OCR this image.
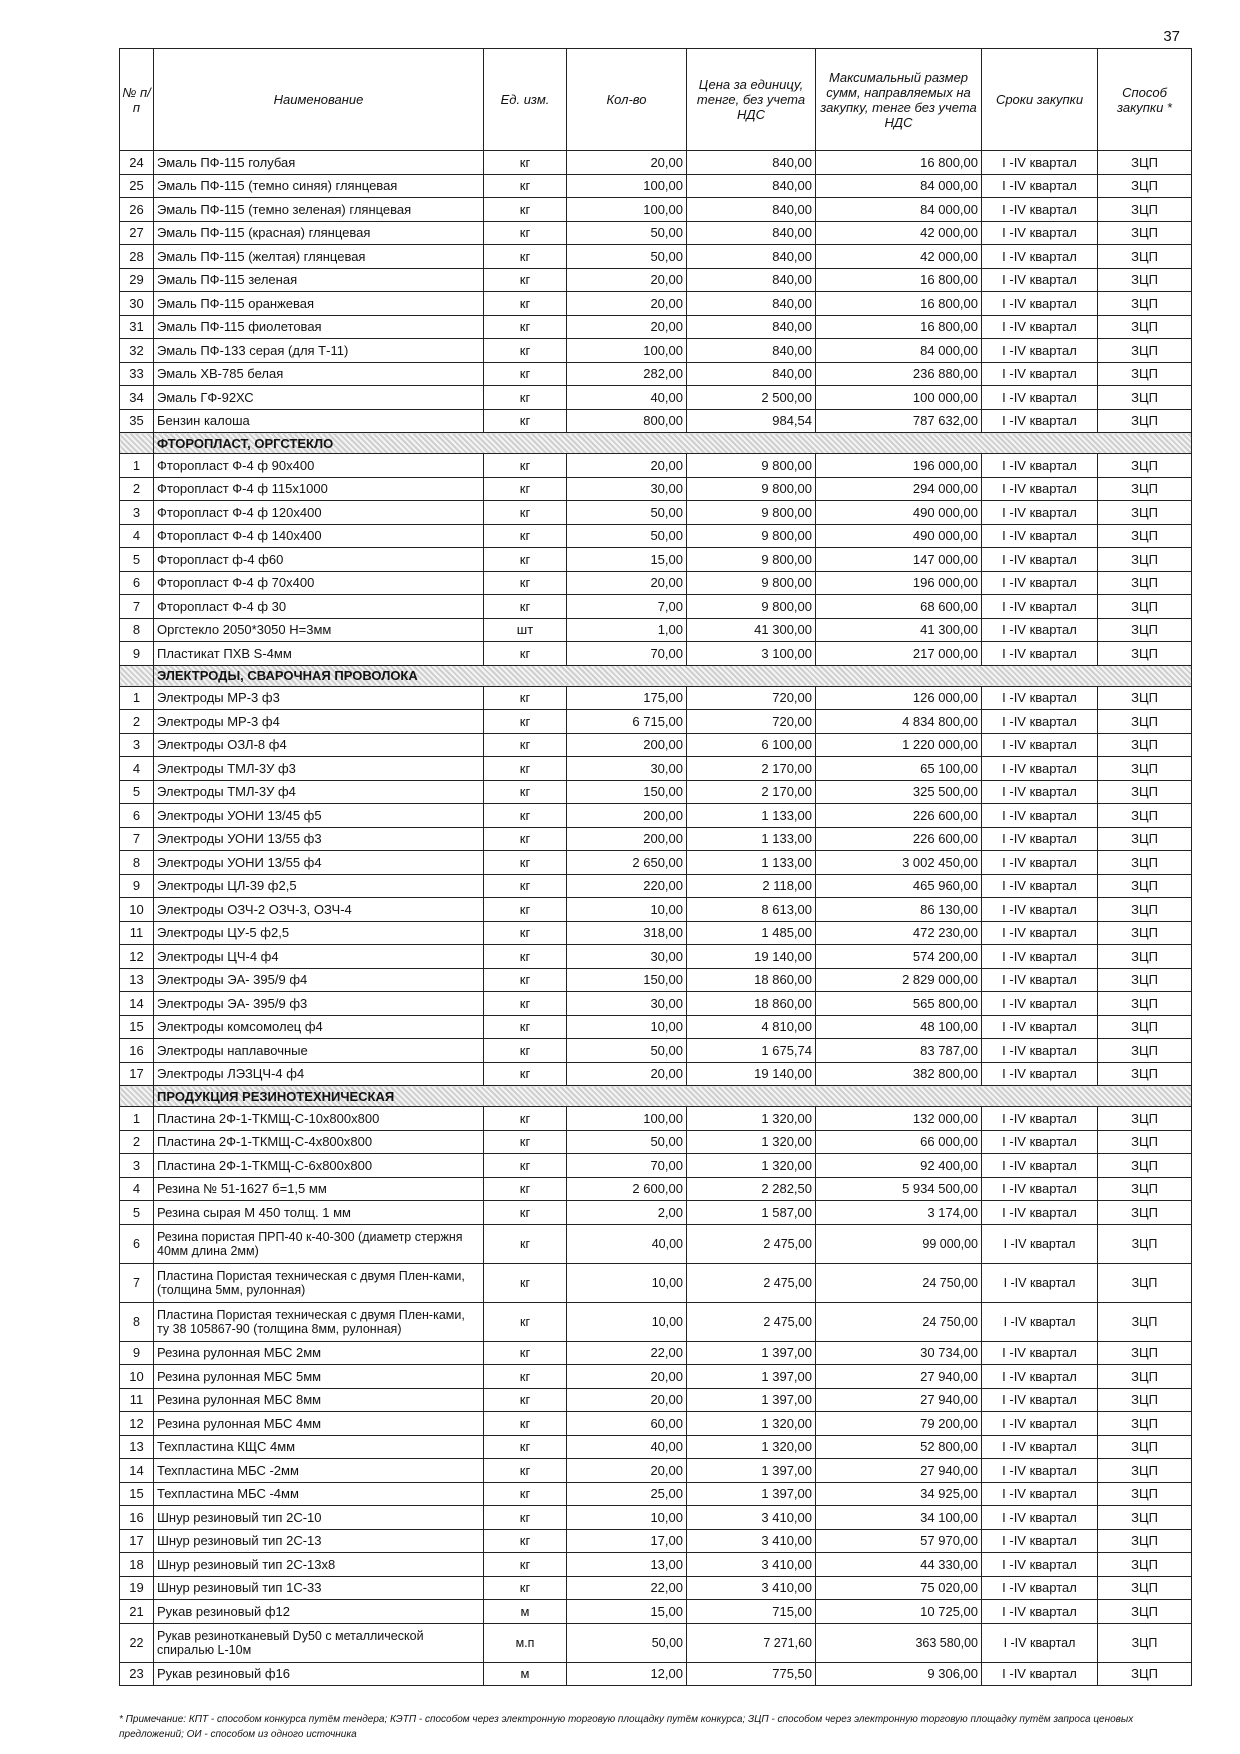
37
№ п/п	Наименование	Ед. изм.	Кол-во	Цена за единицу, тенге, без учета НДС	Максимальный размер сумм, направляемых на закупку, тенге без учета НДС	Сроки закупки	Способ закупки *
24	Эмаль ПФ-115 голубая	кг	20,00	840,00	16 800,00	I -IV квартал	ЗЦП
25	Эмаль ПФ-115 (темно синяя) глянцевая	кг	100,00	840,00	84 000,00	I -IV квартал	ЗЦП
26	Эмаль ПФ-115 (темно зеленая) глянцевая	кг	100,00	840,00	84 000,00	I -IV квартал	ЗЦП
27	Эмаль ПФ-115 (красная) глянцевая	кг	50,00	840,00	42 000,00	I -IV квартал	ЗЦП
28	Эмаль ПФ-115 (желтая) глянцевая	кг	50,00	840,00	42 000,00	I -IV квартал	ЗЦП
29	Эмаль ПФ-115 зеленая	кг	20,00	840,00	16 800,00	I -IV квартал	ЗЦП
30	Эмаль ПФ-115 оранжевая	кг	20,00	840,00	16 800,00	I -IV квартал	ЗЦП
31	Эмаль ПФ-115 фиолетовая	кг	20,00	840,00	16 800,00	I -IV квартал	ЗЦП
32	Эмаль ПФ-133 серая (для Т-11)	кг	100,00	840,00	84 000,00	I -IV квартал	ЗЦП
33	Эмаль ХВ-785 белая	кг	282,00	840,00	236 880,00	I -IV квартал	ЗЦП
34	Эмаль ГФ-92ХС	кг	40,00	2 500,00	100 000,00	I -IV квартал	ЗЦП
35	Бензин калоша	кг	800,00	984,54	787 632,00	I -IV квартал	ЗЦП
	ФТОРОПЛАСТ, ОРГСТЕКЛО						
1	Фторопласт Ф-4 ф 90х400	кг	20,00	9 800,00	196 000,00	I -IV квартал	ЗЦП
2	Фторопласт Ф-4 ф 115х1000	кг	30,00	9 800,00	294 000,00	I -IV квартал	ЗЦП
3	Фторопласт Ф-4 ф 120х400	кг	50,00	9 800,00	490 000,00	I -IV квартал	ЗЦП
4	Фторопласт Ф-4 ф 140х400	кг	50,00	9 800,00	490 000,00	I -IV квартал	ЗЦП
5	Фторопласт ф-4 ф60	кг	15,00	9 800,00	147 000,00	I -IV квартал	ЗЦП
6	Фторопласт Ф-4 ф 70х400	кг	20,00	9 800,00	196 000,00	I -IV квартал	ЗЦП
7	Фторопласт Ф-4 ф 30	кг	7,00	9 800,00	68 600,00	I -IV квартал	ЗЦП
8	Оргстекло 2050*3050 Н=3мм	шт	1,00	41 300,00	41 300,00	I -IV квартал	ЗЦП
9	Пластикат ПХВ S-4мм	кг	70,00	3 100,00	217 000,00	I -IV квартал	ЗЦП
	ЭЛЕКТРОДЫ, СВАРОЧНАЯ ПРОВОЛОКА						
1	Электроды МР-3 ф3	кг	175,00	720,00	126 000,00	I -IV квартал	ЗЦП
2	Электроды МР-3 ф4	кг	6 715,00	720,00	4 834 800,00	I -IV квартал	ЗЦП
3	Электроды ОЗЛ-8 ф4	кг	200,00	6 100,00	1 220 000,00	I -IV квартал	ЗЦП
4	Электроды ТМЛ-3У ф3	кг	30,00	2 170,00	65 100,00	I -IV квартал	ЗЦП
5	Электроды ТМЛ-3У ф4	кг	150,00	2 170,00	325 500,00	I -IV квартал	ЗЦП
6	Электроды УОНИ 13/45 ф5	кг	200,00	1 133,00	226 600,00	I -IV квартал	ЗЦП
7	Электроды УОНИ 13/55 ф3	кг	200,00	1 133,00	226 600,00	I -IV квартал	ЗЦП
8	Электроды УОНИ 13/55 ф4	кг	2 650,00	1 133,00	3 002 450,00	I -IV квартал	ЗЦП
9	Электроды ЦЛ-39 ф2,5	кг	220,00	2 118,00	465 960,00	I -IV квартал	ЗЦП
10	Электроды ОЗЧ-2 ОЗЧ-3, ОЗЧ-4	кг	10,00	8 613,00	86 130,00	I -IV квартал	ЗЦП
11	Электроды ЦУ-5 ф2,5	кг	318,00	1 485,00	472 230,00	I -IV квартал	ЗЦП
12	Электроды ЦЧ-4 ф4	кг	30,00	19 140,00	574 200,00	I -IV квартал	ЗЦП
13	Электроды ЭА- 395/9 ф4	кг	150,00	18 860,00	2 829 000,00	I -IV квартал	ЗЦП
14	Электроды ЭА- 395/9 ф3	кг	30,00	18 860,00	565 800,00	I -IV квартал	ЗЦП
15	Электроды комсомолец ф4	кг	10,00	4 810,00	48 100,00	I -IV квартал	ЗЦП
16	Электроды наплавочные	кг	50,00	1 675,74	83 787,00	I -IV квартал	ЗЦП
17	Электроды ЛЭЗЦЧ-4 ф4	кг	20,00	19 140,00	382 800,00	I -IV квартал	ЗЦП
	ПРОДУКЦИЯ РЕЗИНОТЕХНИЧЕСКАЯ						
1	Пластина 2Ф-1-ТКМЩ-С-10х800х800	кг	100,00	1 320,00	132 000,00	I -IV квартал	ЗЦП
2	Пластина 2Ф-1-ТКМЩ-С-4х800х800	кг	50,00	1 320,00	66 000,00	I -IV квартал	ЗЦП
3	Пластина 2Ф-1-ТКМЩ-С-6х800х800	кг	70,00	1 320,00	92 400,00	I -IV квартал	ЗЦП
4	Резина № 51-1627 б=1,5 мм	кг	2 600,00	2 282,50	5 934 500,00	I -IV квартал	ЗЦП
5	Резина сырая М 450 толщ. 1 мм	кг	2,00	1 587,00	3 174,00	I -IV квартал	ЗЦП
6	Резина пористая ПРП-40 к-40-300 (диаметр стержня 40мм длина 2мм)	кг	40,00	2 475,00	99 000,00	I -IV квартал	ЗЦП
7	Пластина Пористая техническая с двумя Плен-ками, (толщина 5мм, рулонная)	кг	10,00	2 475,00	24 750,00	I -IV квартал	ЗЦП
8	Пластина Пористая техническая с двумя Плен-ками, ту 38 105867-90 (толщина 8мм, рулонная)	кг	10,00	2 475,00	24 750,00	I -IV квартал	ЗЦП
9	Резина рулонная МБС 2мм	кг	22,00	1 397,00	30 734,00	I -IV квартал	ЗЦП
10	Резина рулонная МБС 5мм	кг	20,00	1 397,00	27 940,00	I -IV квартал	ЗЦП
11	Резина рулонная МБС 8мм	кг	20,00	1 397,00	27 940,00	I -IV квартал	ЗЦП
12	Резина рулонная МБС 4мм	кг	60,00	1 320,00	79 200,00	I -IV квартал	ЗЦП
13	Техпластина КЩС 4мм	кг	40,00	1 320,00	52 800,00	I -IV квартал	ЗЦП
14	Техпластина МБС -2мм	кг	20,00	1 397,00	27 940,00	I -IV квартал	ЗЦП
15	Техпластина МБС -4мм	кг	25,00	1 397,00	34 925,00	I -IV квартал	ЗЦП
16	Шнур резиновый тип 2С-10	кг	10,00	3 410,00	34 100,00	I -IV квартал	ЗЦП
17	Шнур резиновый тип 2С-13	кг	17,00	3 410,00	57 970,00	I -IV квартал	ЗЦП
18	Шнур резиновый тип 2С-13х8	кг	13,00	3 410,00	44 330,00	I -IV квартал	ЗЦП
19	Шнур резиновый тип 1С-33	кг	22,00	3 410,00	75 020,00	I -IV квартал	ЗЦП
21	Рукав резиновый ф12	м	15,00	715,00	10 725,00	I -IV квартал	ЗЦП
22	Рукав резинотканевый Dy50 с металлической спиралью L-10м	м.п	50,00	7 271,60	363 580,00	I -IV квартал	ЗЦП
23	Рукав резиновый ф16	м	12,00	775,50	9 306,00	I -IV квартал	ЗЦП
* Примечание: КПТ - способом конкурса путём тендера; КЭТП - способом через электронную торговую площадку путём конкурса; ЗЦП - способом через электронную торговую площадку путём запроса ценовых предложений; ОИ - способом из одного источника
